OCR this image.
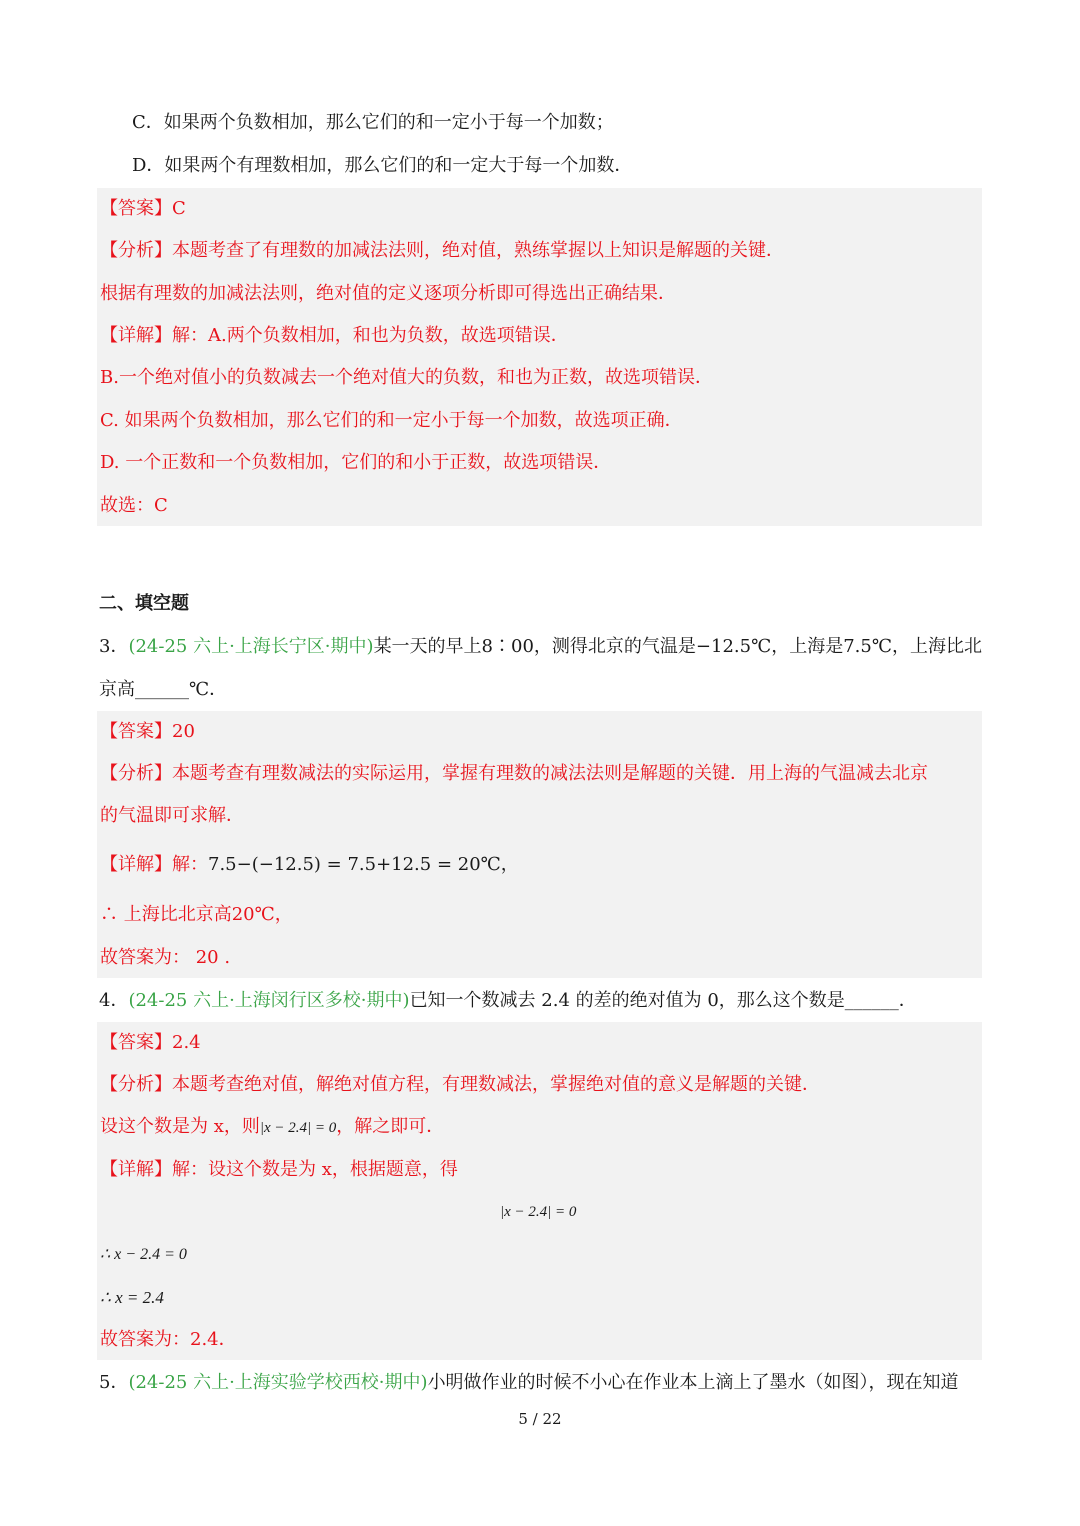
C．如果两个负数相加，那么它们的和一定小于每一个加数；
D．如果两个有理数相加，那么它们的和一定大于每一个加数．
【答案】C
【分析】本题考查了有理数的加减法法则，绝对值，熟练掌握以上知识是解题的关键．
根据有理数的加减法法则，绝对值的定义逐项分析即可得选出正确结果．
【详解】解：A.两个负数相加，和也为负数，故选项错误．
B.一个绝对值小的负数减去一个绝对值大的负数，和也为正数，故选项错误．
C. 如果两个负数相加，那么它们的和一定小于每一个加数，故选项正确．
D. 一个正数和一个负数相加，它们的和小于正数，故选项错误．
故选：C
二、填空题
3．(24-25 六上·上海长宁区·期中)某一天的早上8∶00，测得北京的气温是−12.5℃，上海是7.5℃，上海比北
京高______℃．
【答案】20
【分析】本题考查有理数减法的实际运用，掌握有理数的减法法则是解题的关键．用上海的气温减去北京
的气温即可求解．
【详解】解：7.5−(−12.5) = 7.5+12.5 = 20℃，
∴ 上海比北京高20℃，
故答案为： 20 .
4．(24-25 六上·上海闵行区多校·期中)已知一个数减去 2.4 的差的绝对值为 0，那么这个数是______．
【答案】2.4
【分析】本题考查绝对值，解绝对值方程，有理数减法，掌握绝对值的意义是解题的关键．
设这个数是为 x，则|x − 2.4| = 0，解之即可．
【详解】解：设这个数是为 x，根据题意，得
|x − 2.4| = 0
∴ x − 2.4 = 0
∴ x = 2.4
故答案为：2.4．
5．(24-25 六上·上海实验学校西校·期中)小明做作业的时候不小心在作业本上滴上了墨水（如图），现在知道
5 / 22
